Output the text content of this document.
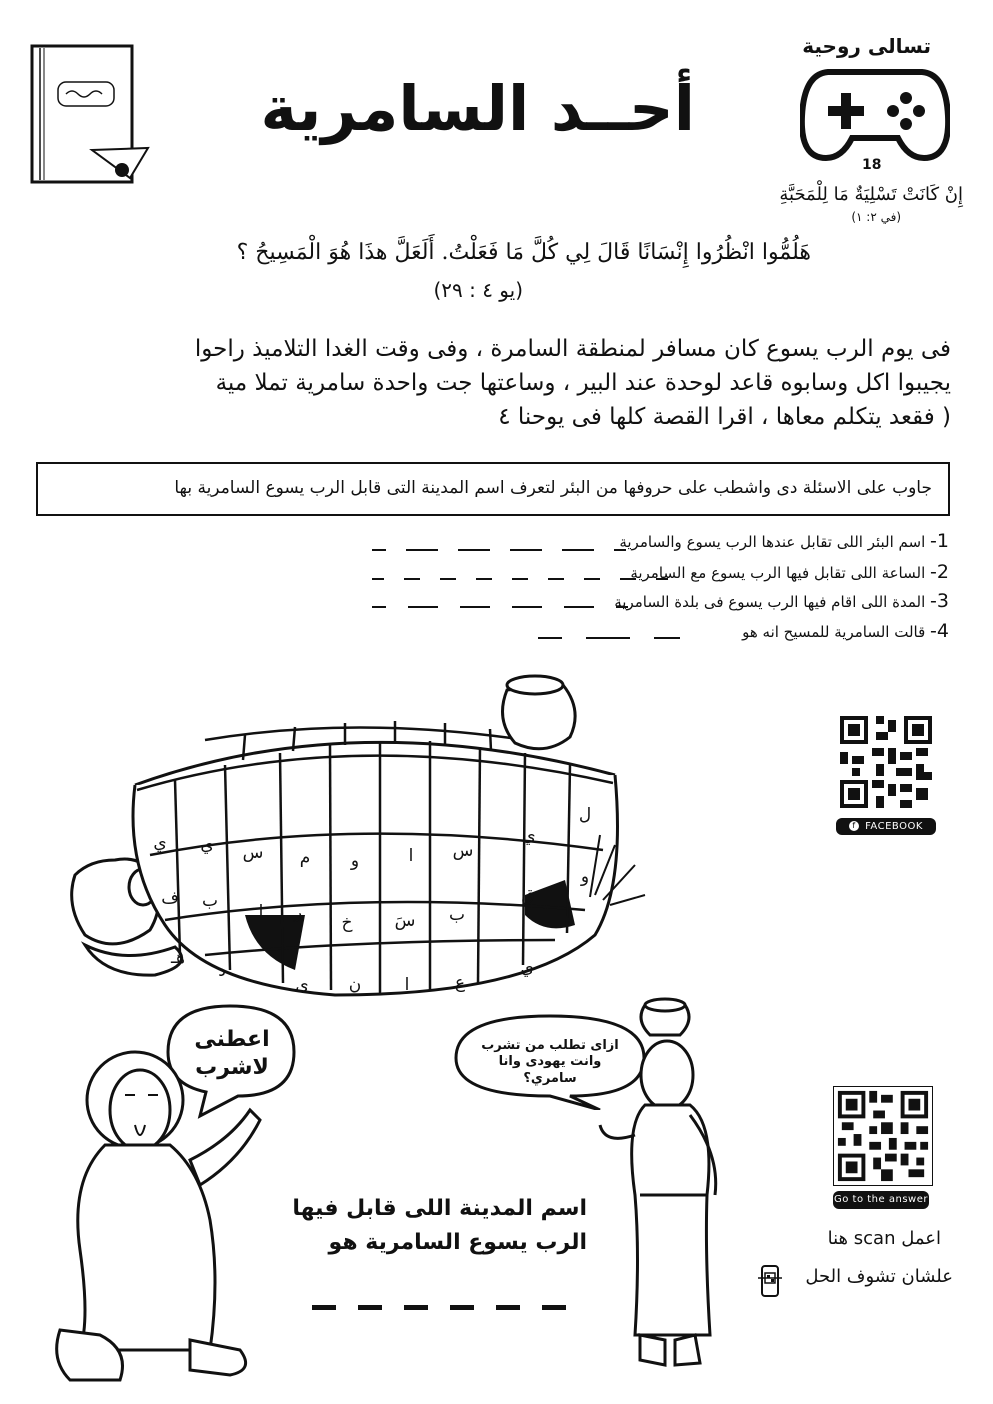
أحــد السامرية
تسالى روحية
18
إِنْ كَانَتْ تَسْلِيَةٌ مَا لِلْمَحَبَّةِ
(في ٢: ١)
هَلُمُّوا انْظُرُوا إِنْسَانًا قَالَ لِي كُلَّ مَا فَعَلْتُ. أَلَعَلَّ هذَا هُوَ الْمَسِيحُ ؟
(يو ٤ : ٢٩)
فى يوم الرب يسوع كان مسافر لمنطقة السامرة ، وفى وقت الغدا التلاميذ راحوا
يجيبوا اكل وسابوه قاعد لوحدة عند البير ، وساعتها جت واحدة سامرية تملا مية
( فقعد يتكلم معاها ، اقرا القصة كلها فى يوحنا ٤
جاوب على الاسئلة دى واشطب على حروفها من البئر لتعرف اسم المدينة التى قابل الرب يسوع السامرية بها
1- اسم البئر اللى تقابل عندها الرب يسوع والسامرية
2- الساعة اللى تقابل فيها الرب يسوع مع السامرية
3- المدة اللى اقام فيها الرب يسوع فى بلدة السامرية
4- قالت السامرية للمسيح انه هو
f FACEBOOK
Go to the answer
اعمل scan هنا
علشان تشوف الحل
ي ي س م و	ا س
ي
ل
ف ب
ا ر خ سَ ب
ق
و
هـ
د
ى ن	ا	ع
ي
اعطنى لاشرب
ازاى تطلب من تشرب وانت يهودى وانا سامري؟
اسم المدينة اللى قابل فيها
الرب يسوع السامرية هو
